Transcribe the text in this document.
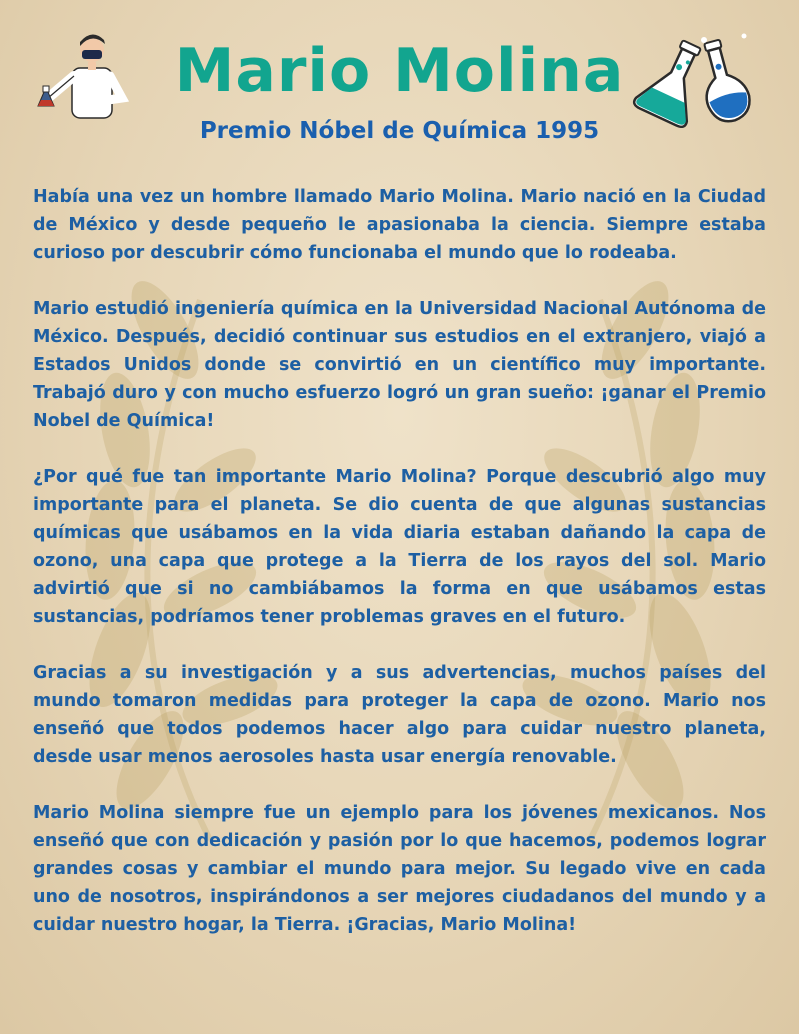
Mario Molina
Premio Nóbel de Química 1995

Había una vez un hombre llamado Mario Molina. Mario nació en la Ciudad de México y desde pequeño le apasionaba la ciencia. Siempre estaba curioso por descubrir cómo funcionaba el mundo que lo rodeaba.

Mario estudió ingeniería química en la Universidad Nacional Autónoma de México. Después, decidió continuar sus estudios en el extranjero, viajó a Estados Unidos donde se convirtió en un científico muy importante. Trabajó duro y con mucho esfuerzo logró un gran sueño: ¡ganar el Premio Nobel de Química!

¿Por qué fue tan importante Mario Molina? Porque descubrió algo muy importante para el planeta. Se dio cuenta de que algunas sustancias químicas que usábamos en la vida diaria estaban dañando la capa de ozono, una capa que protege a la Tierra de los rayos del sol. Mario advirtió que si no cambiábamos la forma en que usábamos estas sustancias, podríamos tener problemas graves en el futuro.

Gracias a su investigación y a sus advertencias, muchos países del mundo tomaron medidas para proteger la capa de ozono. Mario nos enseñó que todos podemos hacer algo para cuidar nuestro planeta, desde usar menos aerosoles hasta usar energía renovable.

Mario Molina siempre fue un ejemplo para los jóvenes mexicanos. Nos enseñó que con dedicación y pasión por lo que hacemos, podemos lograr grandes cosas y cambiar el mundo para mejor. Su legado vive en cada uno de nosotros, inspirándonos a ser mejores ciudadanos del mundo y a cuidar nuestro hogar, la Tierra. ¡Gracias, Mario Molina!
